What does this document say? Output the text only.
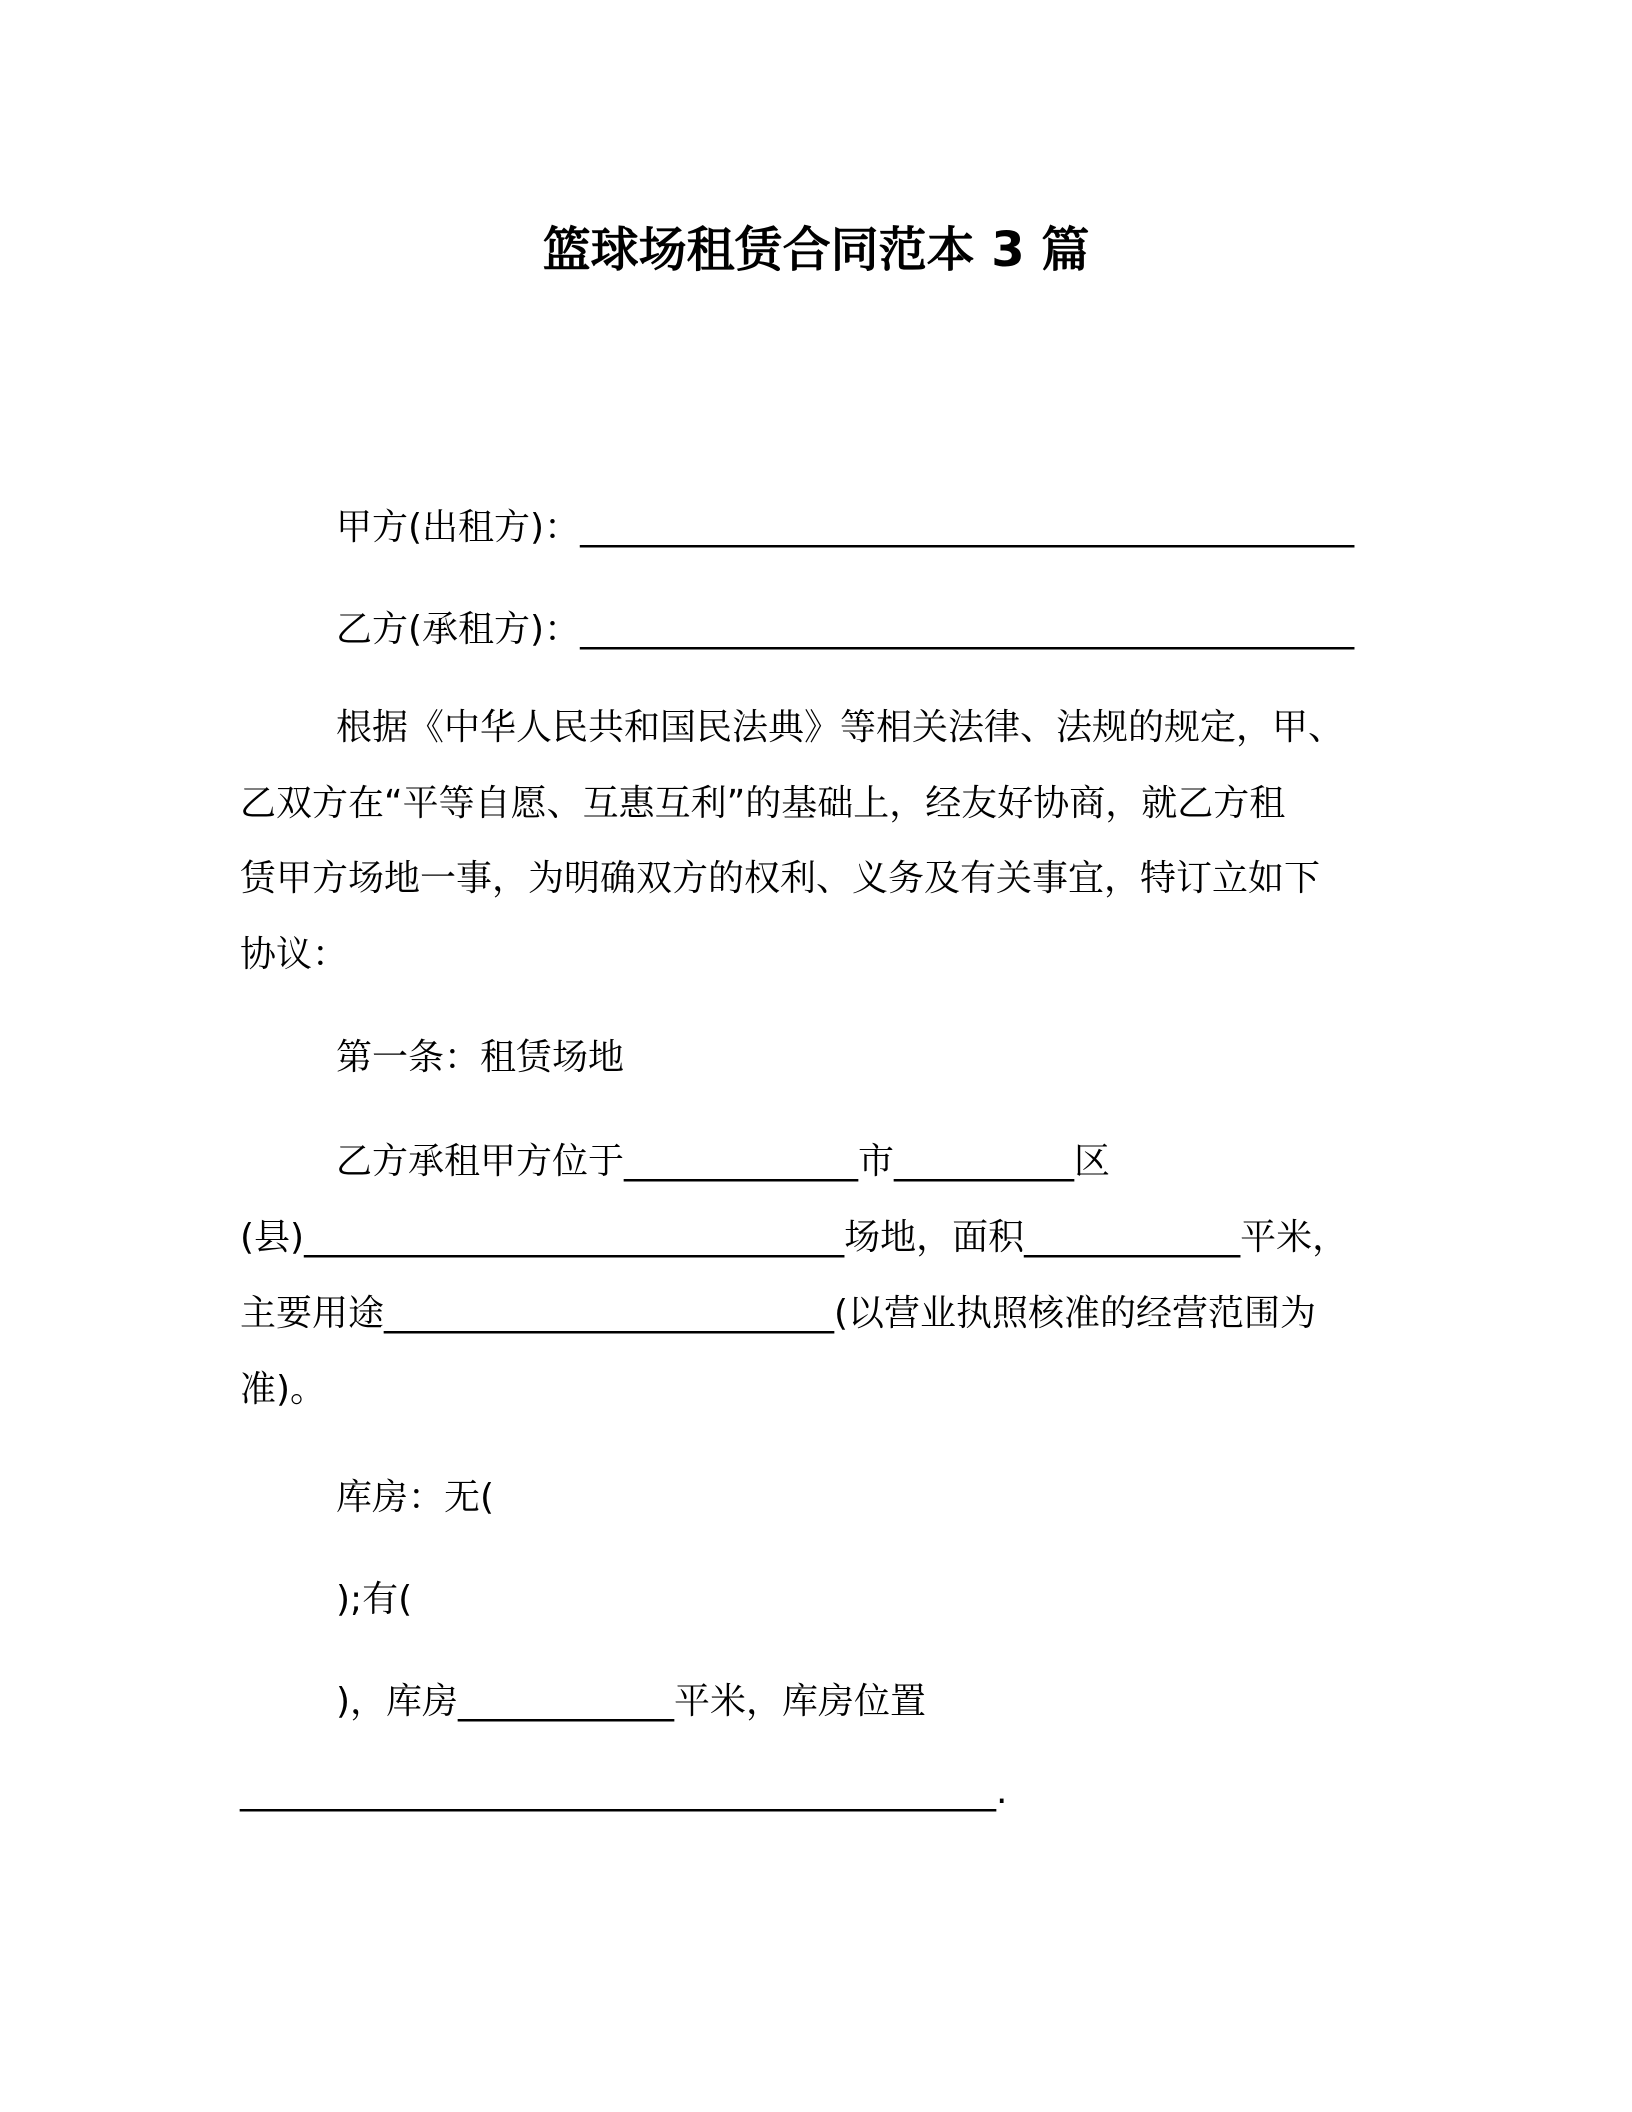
篮球场租赁合同范本 3 篇
甲方(出租方)：___________________________________________
乙方(承租方)：___________________________________________
根据《中华人民共和国民法典》等相关法律、法规的规定，甲、
乙双方在“平等自愿、互惠互利”的基础上，经友好协商，就乙方租
赁甲方场地一事，为明确双方的权利、义务及有关事宜，特订立如下
协议：
第一条：租赁场地
乙方承租甲方位于_____________市__________区
(县)______________________________场地，面积____________平米，
主要用途_________________________(以营业执照核准的经营范围为
准)。
库房：无(
);有(
)，库房____________平米，库房位置
__________________________________________.
